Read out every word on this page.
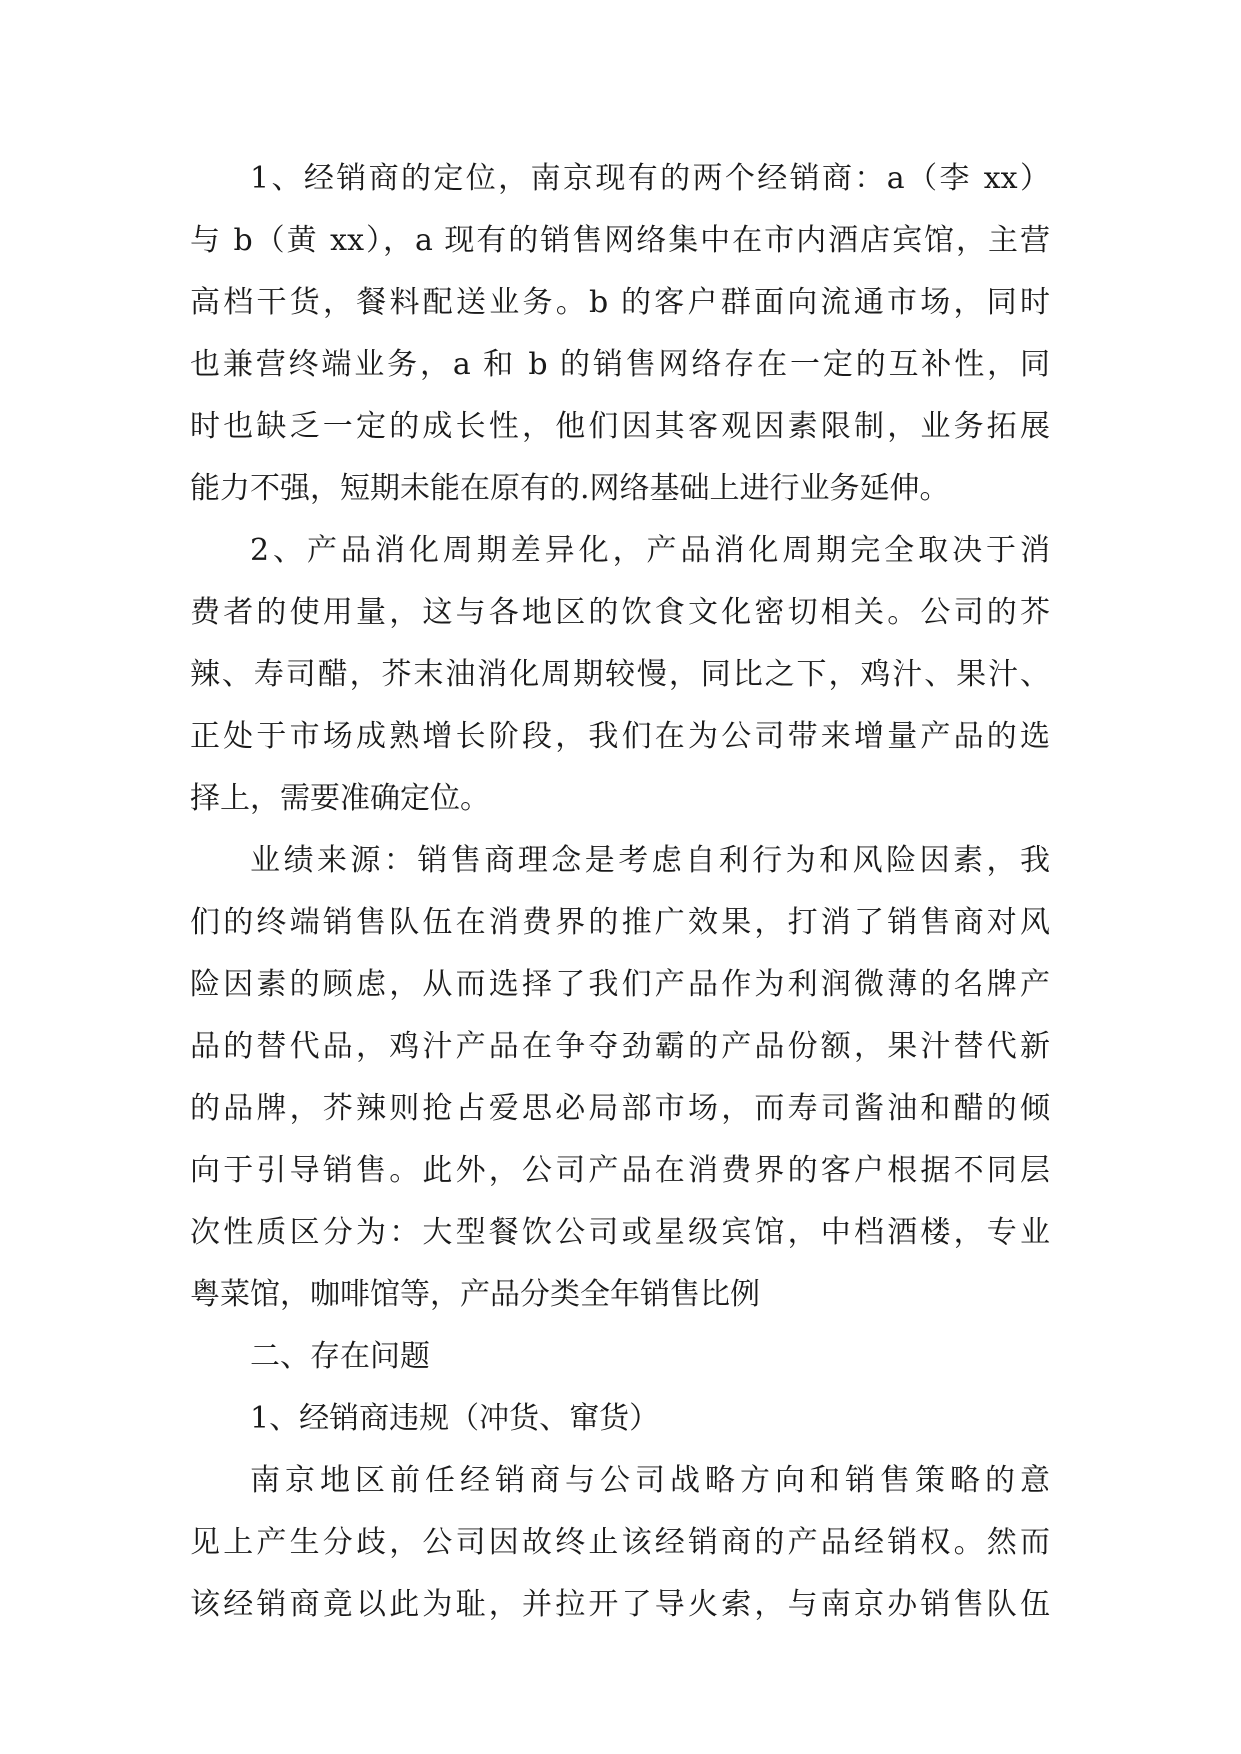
1、经销商的定位，南京现有的两个经销商：a（李 xx）
与 b（黄 xx），a 现有的销售网络集中在市内酒店宾馆，主营
高档干货，餐料配送业务。b 的客户群面向流通市场，同时
也兼营终端业务，a 和 b 的销售网络存在一定的互补性，同
时也缺乏一定的成长性，他们因其客观因素限制，业务拓展
能力不强，短期未能在原有的.网络基础上进行业务延伸。
2、产品消化周期差异化，产品消化周期完全取决于消
费者的使用量，这与各地区的饮食文化密切相关。公司的芥
辣、寿司醋，芥末油消化周期较慢，同比之下，鸡汁、果汁、
正处于市场成熟增长阶段，我们在为公司带来增量产品的选
择上，需要准确定位。
业绩来源：销售商理念是考虑自利行为和风险因素，我
们的终端销售队伍在消费界的推广效果，打消了销售商对风
险因素的顾虑，从而选择了我们产品作为利润微薄的名牌产
品的替代品，鸡汁产品在争夺劲霸的产品份额，果汁替代新
的品牌，芥辣则抢占爱思必局部市场，而寿司酱油和醋的倾
向于引导销售。此外，公司产品在消费界的客户根据不同层
次性质区分为：大型餐饮公司或星级宾馆，中档酒楼，专业
粤菜馆，咖啡馆等，产品分类全年销售比例
二、存在问题
1、经销商违规（冲货、窜货）
南京地区前任经销商与公司战略方向和销售策略的意
见上产生分歧，公司因故终止该经销商的产品经销权。然而
该经销商竟以此为耻，并拉开了导火索，与南京办销售队伍
